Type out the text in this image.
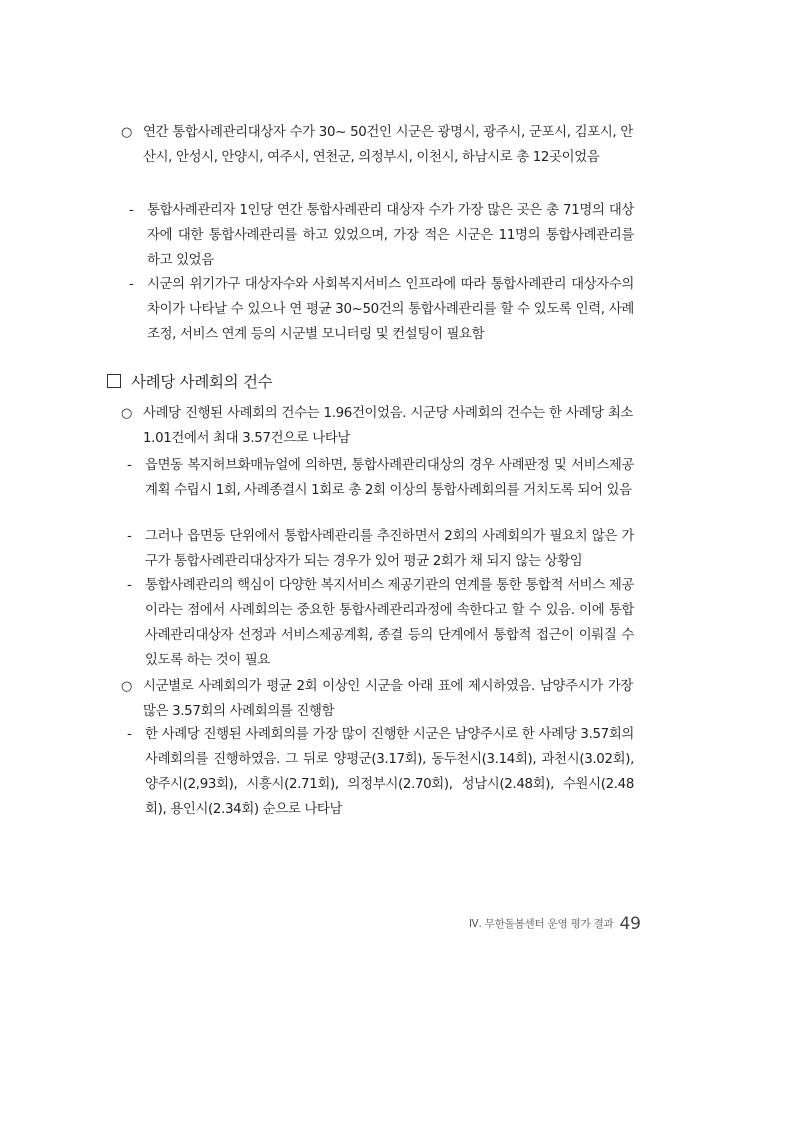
○ 연간 통합사례관리대상자 수가 30~ 50건인 시군은 광명시, 광주시, 군포시, 김포시, 안산시, 안성시, 안양시, 여주시, 연천군, 의정부시, 이천시, 하남시로 총 12곳이었음

- 통합사례관리자 1인당 연간 통합사례관리 대상자 수가 가장 많은 곳은 총 71명의 대상자에 대한 통합사례관리를 하고 있었으며, 가장 적은 시군은 11명의 통합사례관리를 하고 있었음

- 시군의 위기가구 대상자수와 사회복지서비스 인프라에 따라 통합사례관리 대상자수의 차이가 나타날 수 있으나 연 평균 30~50건의 통합사례관리를 할 수 있도록 인력, 사례조정, 서비스 연계 등의 시군별 모니터링 및 컨설팅이 필요함

사례당 사례회의 건수
○ 사례당 진행된 사례회의 건수는 1.96건이었음. 시군당 사례회의 건수는 한 사례당 최소 1.01건에서 최대 3.57건으로 나타남

- 읍면동 복지허브화매뉴얼에 의하면, 통합사례관리대상의 경우 사례판정 및 서비스제공계획 수립시 1회, 사례종결시 1회로 총 2회 이상의 통합사례회의를 거치도록 되어 있음

- 그러나 읍면동 단위에서 통합사례관리를 추진하면서 2회의 사례회의가 필요치 않은 가구가 통합사례관리대상자가 되는 경우가 있어 평균 2회가 채 되지 않는 상황임

- 통합사례관리의 핵심이 다양한 복지서비스 제공기관의 연계를 통한 통합적 서비스 제공이라는 점에서 사례회의는 중요한 통합사례관리과정에 속한다고 할 수 있음. 이에 통합사례관리대상자 선정과 서비스제공계획, 종결 등의 단계에서 통합적 접근이 이뤄질 수 있도록 하는 것이 필요

○ 시군별로 사례회의가 평균 2회 이상인 시군을 아래 표에 제시하였음. 남양주시가 가장 많은 3.57회의 사례회의를 진행함

- 한 사례당 진행된 사례회의를 가장 많이 진행한 시군은 남양주시로 한 사례당 3.57회의 사례회의를 진행하였음. 그 뒤로 양평군(3.17회), 동두천시(3.14회), 과천시(3.02회), 양주시(2,93회), 시흥시(2.71회), 의정부시(2.70회), 성남시(2.48회), 수원시(2.48회), 용인시(2.34회) 순으로 나타남

Ⅳ. 무한돌봄센터 운영 평가 결과 49
